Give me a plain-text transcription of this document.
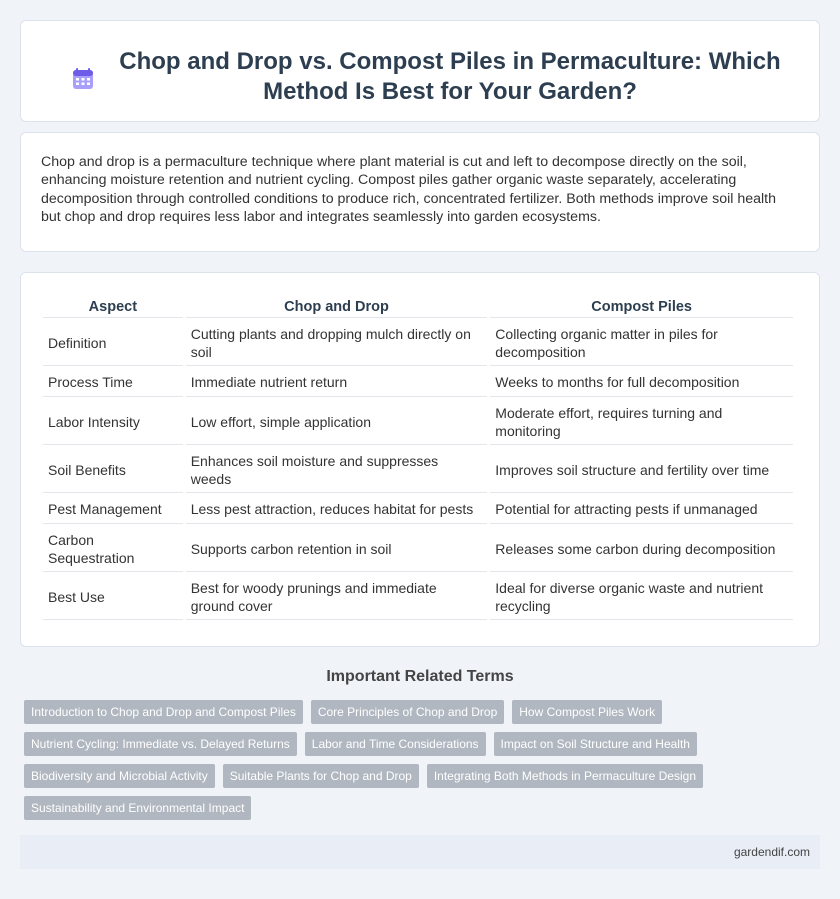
Chop and Drop vs. Compost Piles in Permaculture: Which Method Is Best for Your Garden?

Chop and drop is a permaculture technique where plant material is cut and left to decompose directly on the soil, enhancing moisture retention and nutrient cycling. Compost piles gather organic waste separately, accelerating decomposition through controlled conditions to produce rich, concentrated fertilizer. Both methods improve soil health but chop and drop requires less labor and integrates seamlessly into garden ecosystems.

Aspect	Chop and Drop	Compost Piles
Definition	Cutting plants and dropping mulch directly on soil	Collecting organic matter in piles for decomposition
Process Time	Immediate nutrient return	Weeks to months for full decomposition
Labor Intensity	Low effort, simple application	Moderate effort, requires turning and monitoring
Soil Benefits	Enhances soil moisture and suppresses weeds	Improves soil structure and fertility over time
Pest Management	Less pest attraction, reduces habitat for pests	Potential for attracting pests if unmanaged
Carbon Sequestration	Supports carbon retention in soil	Releases some carbon during decomposition
Best Use	Best for woody prunings and immediate ground cover	Ideal for diverse organic waste and nutrient recycling
Important Related Terms
Introduction to Chop and Drop and Compost Piles	Core Principles of Chop and Drop	How Compost Piles Work
Nutrient Cycling: Immediate vs. Delayed Returns	Labor and Time Considerations	Impact on Soil Structure and Health
Biodiversity and Microbial Activity	Suitable Plants for Chop and Drop	Integrating Both Methods in Permaculture Design
Sustainability and Environmental Impact
gardendif.com
